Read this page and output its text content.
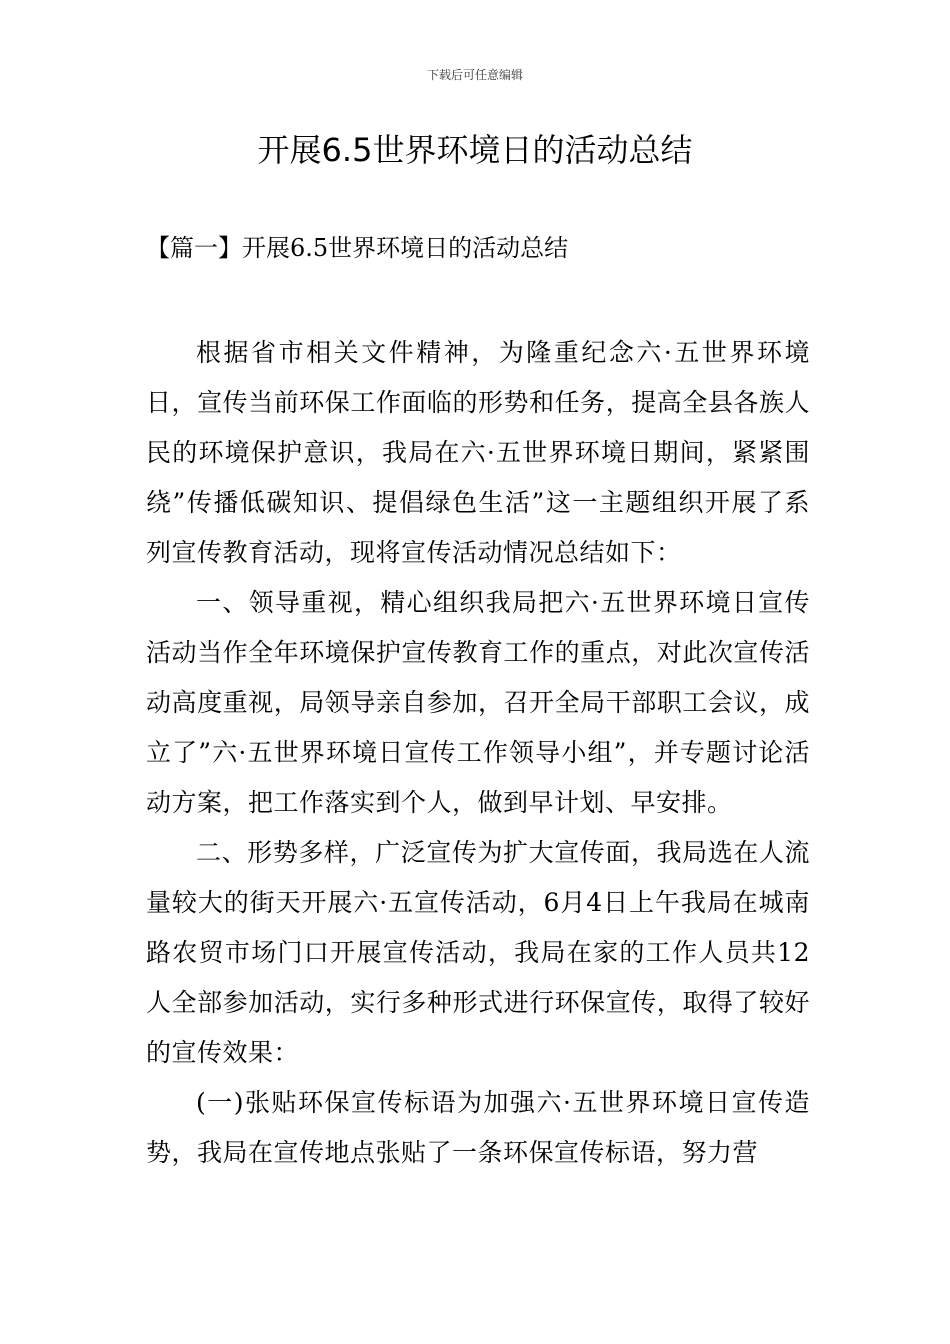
下载后可任意编辑
开展6.5世界环境日的活动总结
【篇一】开展6.5世界环境日的活动总结

根据省市相关文件精神，为隆重纪念六·五世界环境日，宣传当前环保工作面临的形势和任务，提高全县各族人民的环境保护意识，我局在六·五世界环境日期间，紧紧围绕”传播低碳知识、提倡绿色生活”这一主题组织开展了系列宣传教育活动，现将宣传活动情况总结如下：

一、领导重视，精心组织我局把六·五世界环境日宣传活动当作全年环境保护宣传教育工作的重点，对此次宣传活动高度重视，局领导亲自参加，召开全局干部职工会议，成立了”六·五世界环境日宣传工作领导小组”，并专题讨论活动方案，把工作落实到个人，做到早计划、早安排。

二、形势多样，广泛宣传为扩大宣传面，我局选在人流量较大的街天开展六·五宣传活动，6月4日上午我局在城南路农贸市场门口开展宣传活动，我局在家的工作人员共12人全部参加活动，实行多种形式进行环保宣传，取得了较好的宣传效果：

(一)张贴环保宣传标语为加强六·五世界环境日宣传造势，我局在宣传地点张贴了一条环保宣传标语，努力营
